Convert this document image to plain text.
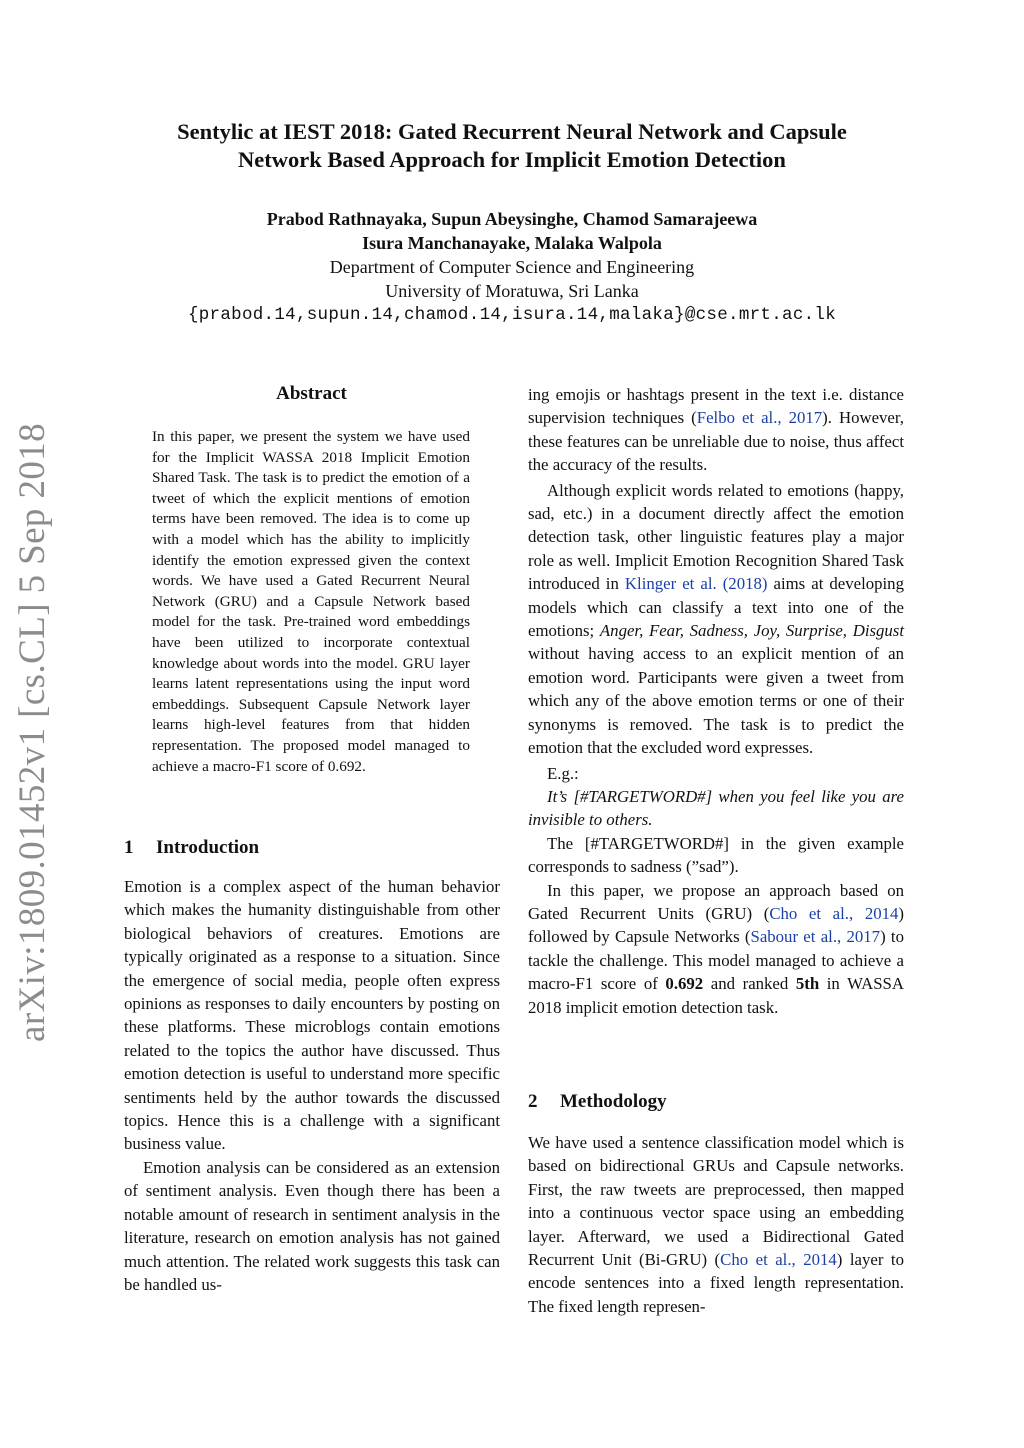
Sentylic at IEST 2018: Gated Recurrent Neural Network and Capsule
Network Based Approach for Implicit Emotion Detection
Prabod Rathnayaka, Supun Abeysinghe, Chamod Samarajeewa
Isura Manchanayake, Malaka Walpola
Department of Computer Science and Engineering
University of Moratuwa, Sri Lanka
{prabod.14,supun.14,chamod.14,isura.14,malaka}@cse.mrt.ac.lk
arXiv:1809.01452v1 [cs.CL] 5 Sep 2018
Abstract
In this paper, we present the system we have used for the Implicit WASSA 2018 Implicit Emotion Shared Task. The task is to predict the emotion of a tweet of which the explicit mentions of emotion terms have been removed. The idea is to come up with a model which has the ability to implicitly identify the emotion expressed given the context words. We have used a Gated Recurrent Neural Network (GRU) and a Capsule Network based model for the task. Pre-trained word embeddings have been utilized to incorporate contextual knowledge about words into the model. GRU layer learns latent representations using the input word embeddings. Subsequent Capsule Network layer learns high-level features from that hidden representation. The proposed model managed to achieve a macro-F1 score of 0.692.
1 Introduction

Emotion is a complex aspect of the human behavior which makes the humanity distinguishable from other biological behaviors of creatures. Emotions are typically originated as a response to a situation. Since the emergence of social media, people often express opinions as responses to daily encounters by posting on these platforms. These microblogs contain emotions related to the topics the author have discussed. Thus emotion detection is useful to understand more specific sentiments held by the author towards the discussed topics. Hence this is a challenge with a significant business value.

Emotion analysis can be considered as an extension of sentiment analysis. Even though there has been a notable amount of research in sentiment analysis in the literature, research on emotion analysis has not gained much attention. The related work suggests this task can be handled us-

ing emojis or hashtags present in the text i.e. distance supervision techniques (Felbo et al., 2017). However, these features can be unreliable due to noise, thus affect the accuracy of the results.

Although explicit words related to emotions (happy, sad, etc.) in a document directly affect the emotion detection task, other linguistic features play a major role as well. Implicit Emotion Recognition Shared Task introduced in Klinger et al. (2018) aims at developing models which can classify a text into one of the emotions; Anger, Fear, Sadness, Joy, Surprise, Disgust without having access to an explicit mention of an emotion word. Participants were given a tweet from which any of the above emotion terms or one of their synonyms is removed. The task is to predict the emotion that the excluded word expresses.

E.g.:

It’s [#TARGETWORD#] when you feel like you are invisible to others.

The [#TARGETWORD#] in the given example corresponds to sadness (”sad”).

In this paper, we propose an approach based on Gated Recurrent Units (GRU) (Cho et al., 2014) followed by Capsule Networks (Sabour et al., 2017) to tackle the challenge. This model managed to achieve a macro-F1 score of 0.692 and ranked 5th in WASSA 2018 implicit emotion detection task.

2 Methodology

We have used a sentence classification model which is based on bidirectional GRUs and Capsule networks. First, the raw tweets are preprocessed, then mapped into a continuous vector space using an embedding layer. Afterward, we used a Bidirectional Gated Recurrent Unit (Bi-GRU) (Cho et al., 2014) layer to encode sentences into a fixed length representation. The fixed length represen-
